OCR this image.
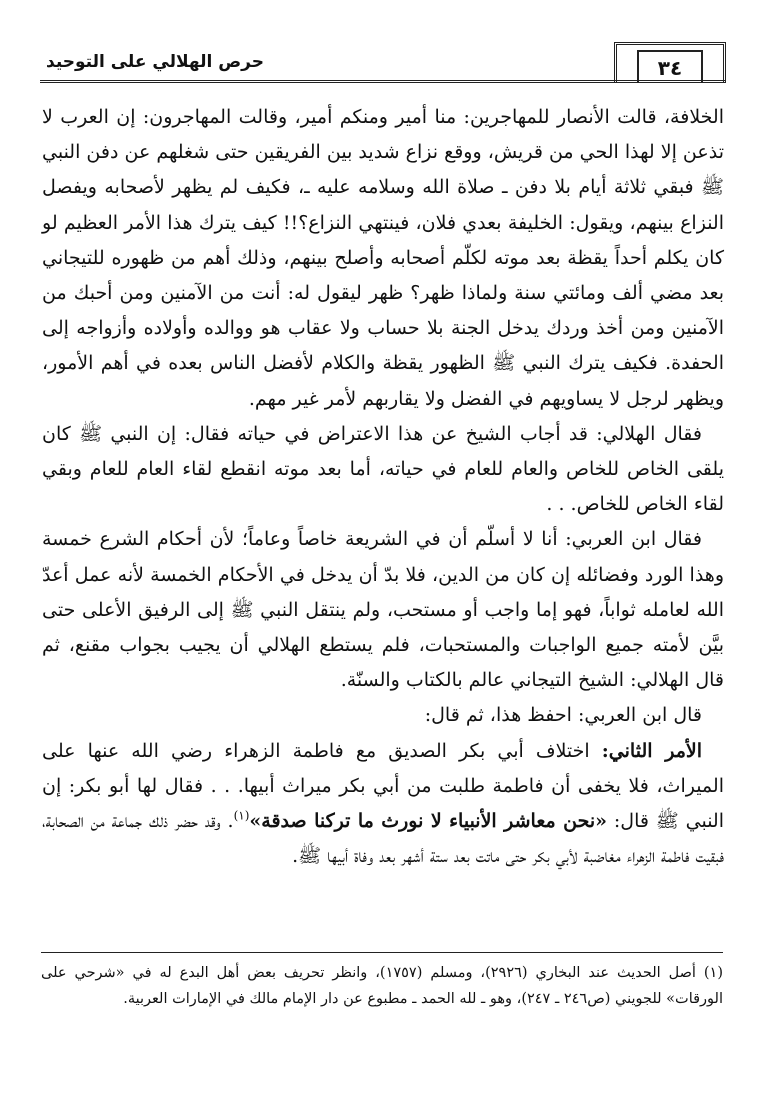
حرص الهلالي على التوحيد	٣٤

الخلافة، قالت الأنصار للمهاجرين: منا أمير ومنكم أمير، وقالت المهاجرون: إن العرب لا تذعن إلا لهذا الحي من قريش، ووقع نزاع شديد بين الفريقين حتى شغلهم عن دفن النبي ﷺ فبقي ثلاثة أيام بلا دفن ـ صلاة الله وسلامه عليه ـ، فكيف لم يظهر لأصحابه ويفصل النزاع بينهم، ويقول: الخليفة بعدي فلان، فينتهي النزاع؟!! كيف يترك هذا الأمر العظيم لو كان يكلم أحداً يقظة بعد موته لكلّم أصحابه وأصلح بينهم، وذلك أهم من ظهوره للتيجاني بعد مضي ألف ومائتي سنة ولماذا ظهر؟ ظهر ليقول له: أنت من الآمنين ومن أحبك من الآمنين ومن أخذ وردك يدخل الجنة بلا حساب ولا عقاب هو ووالده وأولاده وأزواجه إلى الحفدة. فكيف يترك النبي ﷺ الظهور يقظة والكلام لأفضل الناس بعده في أهم الأمور، ويظهر لرجل لا يساويهم في الفضل ولا يقاربهم لأمر غير مهم.

فقال الهلالي: قد أجاب الشيخ عن هذا الاعتراض في حياته فقال: إن النبي ﷺ كان يلقى الخاص للخاص والعام للعام في حياته، أما بعد موته انقطع لقاء العام للعام وبقي لقاء الخاص للخاص. . .

فقال ابن العربي: أنا لا أسلّم أن في الشريعة خاصاً وعاماً؛ لأن أحكام الشرع خمسة وهذا الورد وفضائله إن كان من الدين، فلا بدّ أن يدخل في الأحكام الخمسة لأنه عمل أعدّ الله لعامله ثواباً، فهو إما واجب أو مستحب، ولم ينتقل النبي ﷺ إلى الرفيق الأعلى حتى بيَّن لأمته جميع الواجبات والمستحبات، فلم يستطع الهلالي أن يجيب بجواب مقنع، ثم قال الهلالي: الشيخ التيجاني عالم بالكتاب والسنّة.

قال ابن العربي: احفظ هذا، ثم قال:

الأمر الثاني: اختلاف أبي بكر الصديق مع فاطمة الزهراء رضي الله عنها على الميراث، فلا يخفى أن فاطمة طلبت من أبي بكر ميراث أبيها. . . فقال لها أبو بكر: إن النبي ﷺ قال: «نحن معاشر الأنبياء لا نورث ما تركنا صدقة»$^{(١)}$. وقد حضر ذلك جماعة من الصحابة، فبقيت فاطمة الزهراء مغاضبة لأبي بكر حتى ماتت بعد ستة أشهر بعد وفاة أبيها ﷺ.

(١) أصل الحديث عند البخاري (٢٩٢٦)، ومسلم (١٧٥٧)، وانظر تحريف بعض أهل البدع له في «شرحي على الورقات» للجويني (ص٢٤٦ ـ ٢٤٧)، وهو ـ لله الحمد ـ مطبوع عن دار الإمام مالك في الإمارات العربية.
